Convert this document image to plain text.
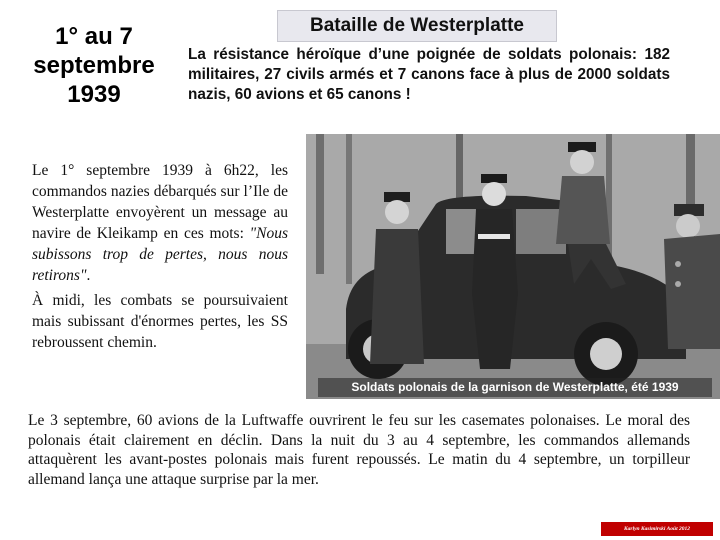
1° au 7
septembre
1939
Bataille de Westerplatte
La résistance héroïque d’une poignée de soldats polonais: 182 militaires, 27 civils armés et 7 canons face à plus de 2000 soldats nazis, 60 avions et 65 canons !

Le 1° septembre 1939 à 6h22, les commandos nazies débarqués sur l’Ile de Westerplatte envoyèrent un message au navire de Kleikamp en ces mots: "Nous subissons trop de pertes, nous nous retirons".

À midi, les combats se poursuivaient mais subissant d'énormes pertes, les SS rebroussent chemin.

Soldats polonais de la garnison de Westerplatte, été 1939
Le 3 septembre, 60 avions de la Luftwaffe ouvrirent le feu sur les casemates polonaises. Le moral des polonais était clairement en déclin. Dans la nuit du 3 au 4 septembre, les commandos allemands attaquèrent les avant-postes polonais mais furent repoussés. Le matin du 4 septembre, un torpilleur allemand lança une attaque surprise par la mer.
Karlyn Kasimirski Août 2012
